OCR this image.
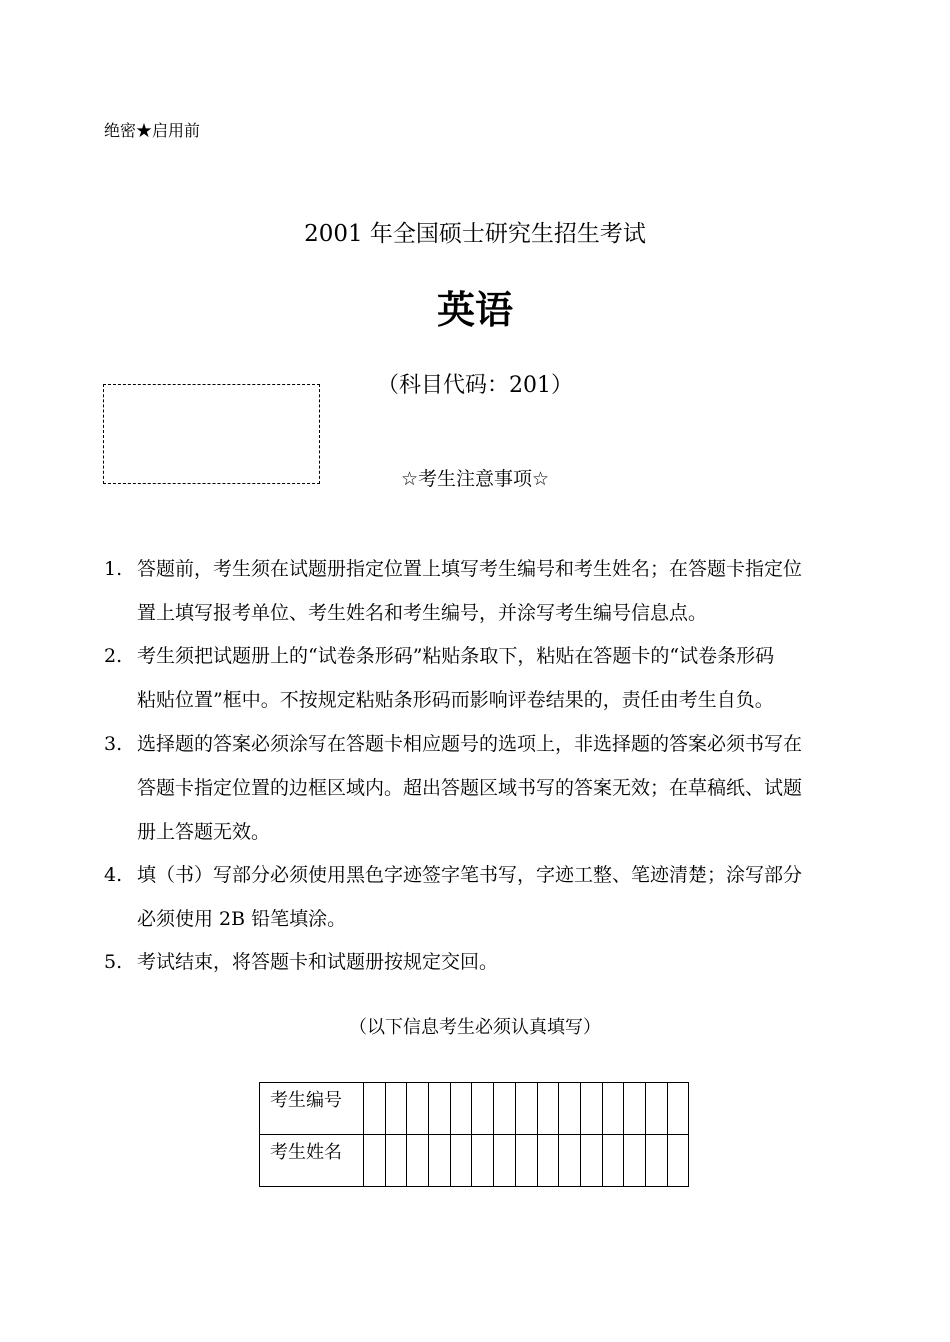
绝密★启用前
2001 年全国硕士研究生招生考试
英语
（科目代码：201）
☆考生注意事项☆
1. 答题前，考生须在试题册指定位置上填写考生编号和考生姓名；在答题卡指定位
置上填写报考单位、考生姓名和考生编号，并涂写考生编号信息点。
2. 考生须把试题册上的“试卷条形码”粘贴条取下，粘贴在答题卡的“试卷条形码
粘贴位置”框中。不按规定粘贴条形码而影响评卷结果的，责任由考生自负。
3. 选择题的答案必须涂写在答题卡相应题号的选项上，非选择题的答案必须书写在
答题卡指定位置的边框区域内。超出答题区域书写的答案无效；在草稿纸、试题
册上答题无效。
4. 填（书）写部分必须使用黑色字迹签字笔书写，字迹工整、笔迹清楚；涂写部分
必须使用 2B 铅笔填涂。
5. 考试结束，将答题卡和试题册按规定交回。
（以下信息考生必须认真填写）
考生编号															
考生姓名															
